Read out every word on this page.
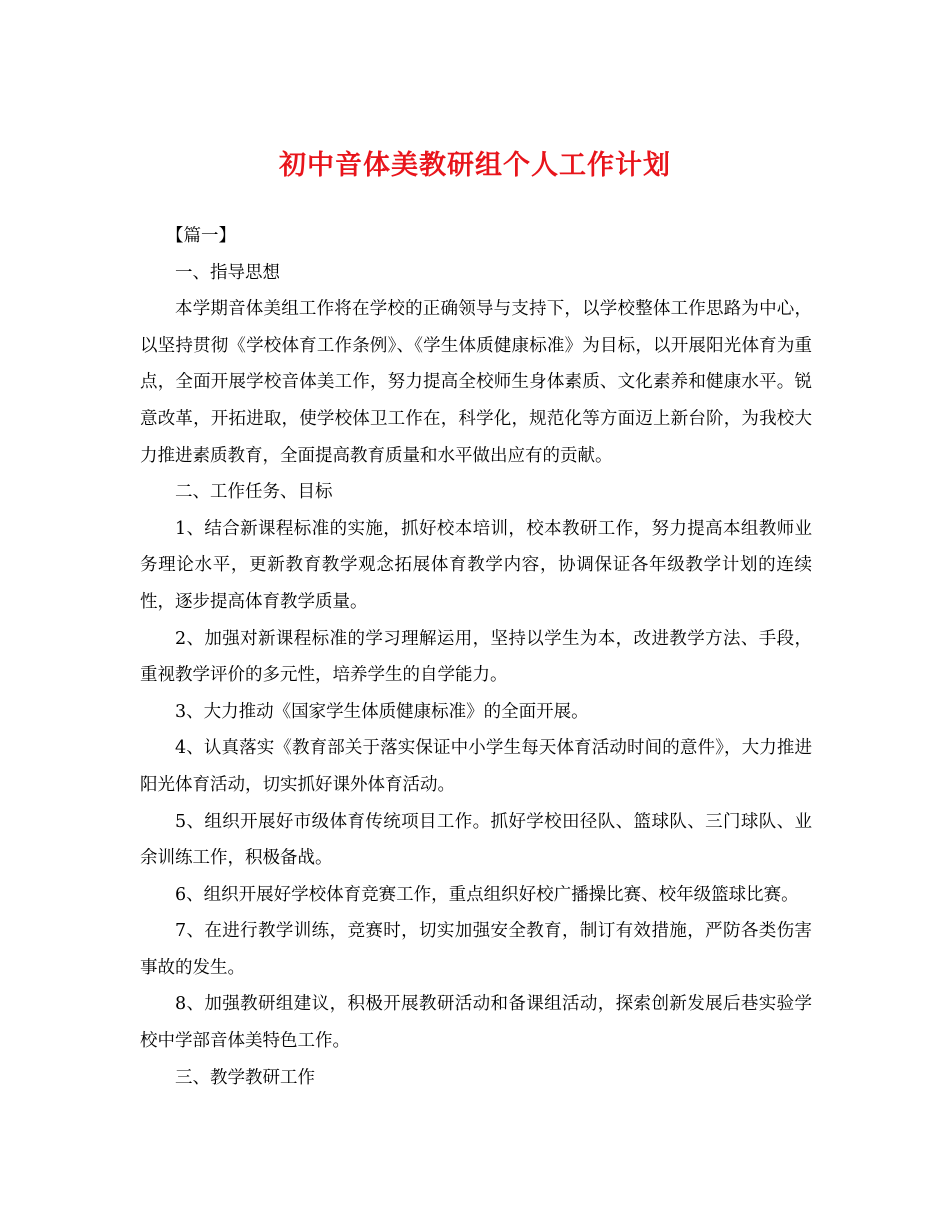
初中音体美教研组个人工作计划

【篇一】

一、指导思想

本学期音体美组工作将在学校的正确领导与支持下，以学校整体工作思路为中心，以坚持贯彻《学校体育工作条例》、《学生体质健康标准》为目标，以开展阳光体育为重点，全面开展学校音体美工作，努力提高全校师生身体素质、文化素养和健康水平。锐意改革，开拓进取，使学校体卫工作在，科学化，规范化等方面迈上新台阶，为我校大力推进素质教育，全面提高教育质量和水平做出应有的贡献。

二、工作任务、目标

1、结合新课程标准的实施，抓好校本培训，校本教研工作，努力提高本组教师业务理论水平，更新教育教学观念拓展体育教学内容，协调保证各年级教学计划的连续性，逐步提高体育教学质量。

2、加强对新课程标准的学习理解运用，坚持以学生为本，改进教学方法、手段，重视教学评价的多元性，培养学生的自学能力。

3、大力推动《国家学生体质健康标准》的全面开展。

4、认真落实《教育部关于落实保证中小学生每天体育活动时间的意件》，大力推进阳光体育活动，切实抓好课外体育活动。

5、组织开展好市级体育传统项目工作。抓好学校田径队、篮球队、三门球队、业余训练工作，积极备战。

6、组织开展好学校体育竞赛工作，重点组织好校广播操比赛、校年级篮球比赛。

7、在进行教学训练，竞赛时，切实加强安全教育，制订有效措施，严防各类伤害事故的发生。

8、加强教研组建议，积极开展教研活动和备课组活动，探索创新发展后巷实验学校中学部音体美特色工作。

三、教学教研工作
